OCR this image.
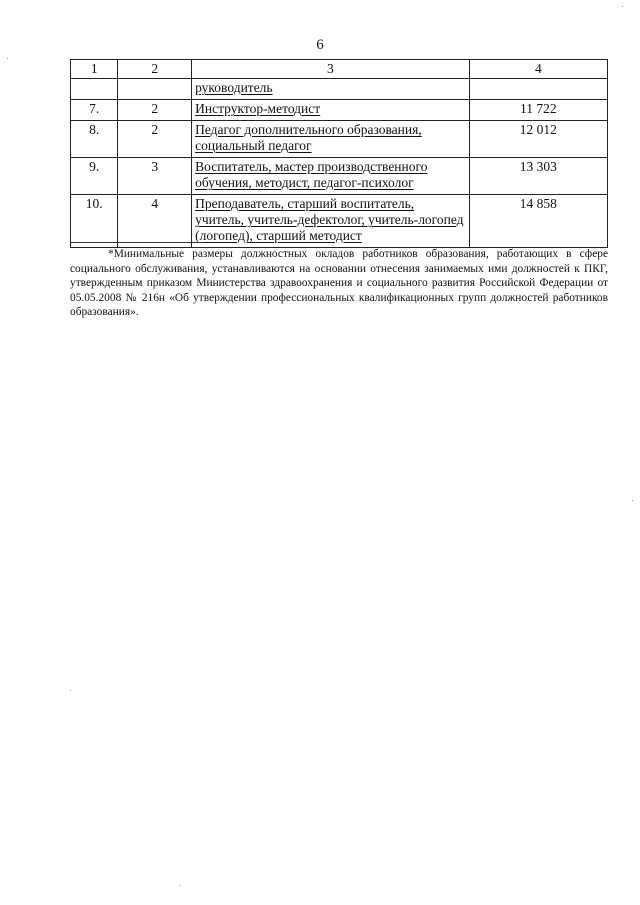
6
1	2	3	4
		руководитель	
7.	2	Инструктор-методист	11 722
8.	2	Педагог дополнительного образования, социальный педагог	12 012
9.	3	Воспитатель, мастер производственного обучения, методист, педагог-психолог	13 303
10.	4	Преподаватель, старший воспитатель, учитель, учитель-дефектолог, учитель-логопед (логопед), старший методист	14 858

*Минимальные размеры должностных окладов работников образования, работающих в сфере социального обслуживания, устанавливаются на основании отнесения занимаемых ими должностей к ПКГ, утвержденным приказом Министерства здравоохранения и социального развития Российской Федерации от 05.05.2008 № 216н «Об утверждении профессиональных квалификационных групп должностей работников образования».
